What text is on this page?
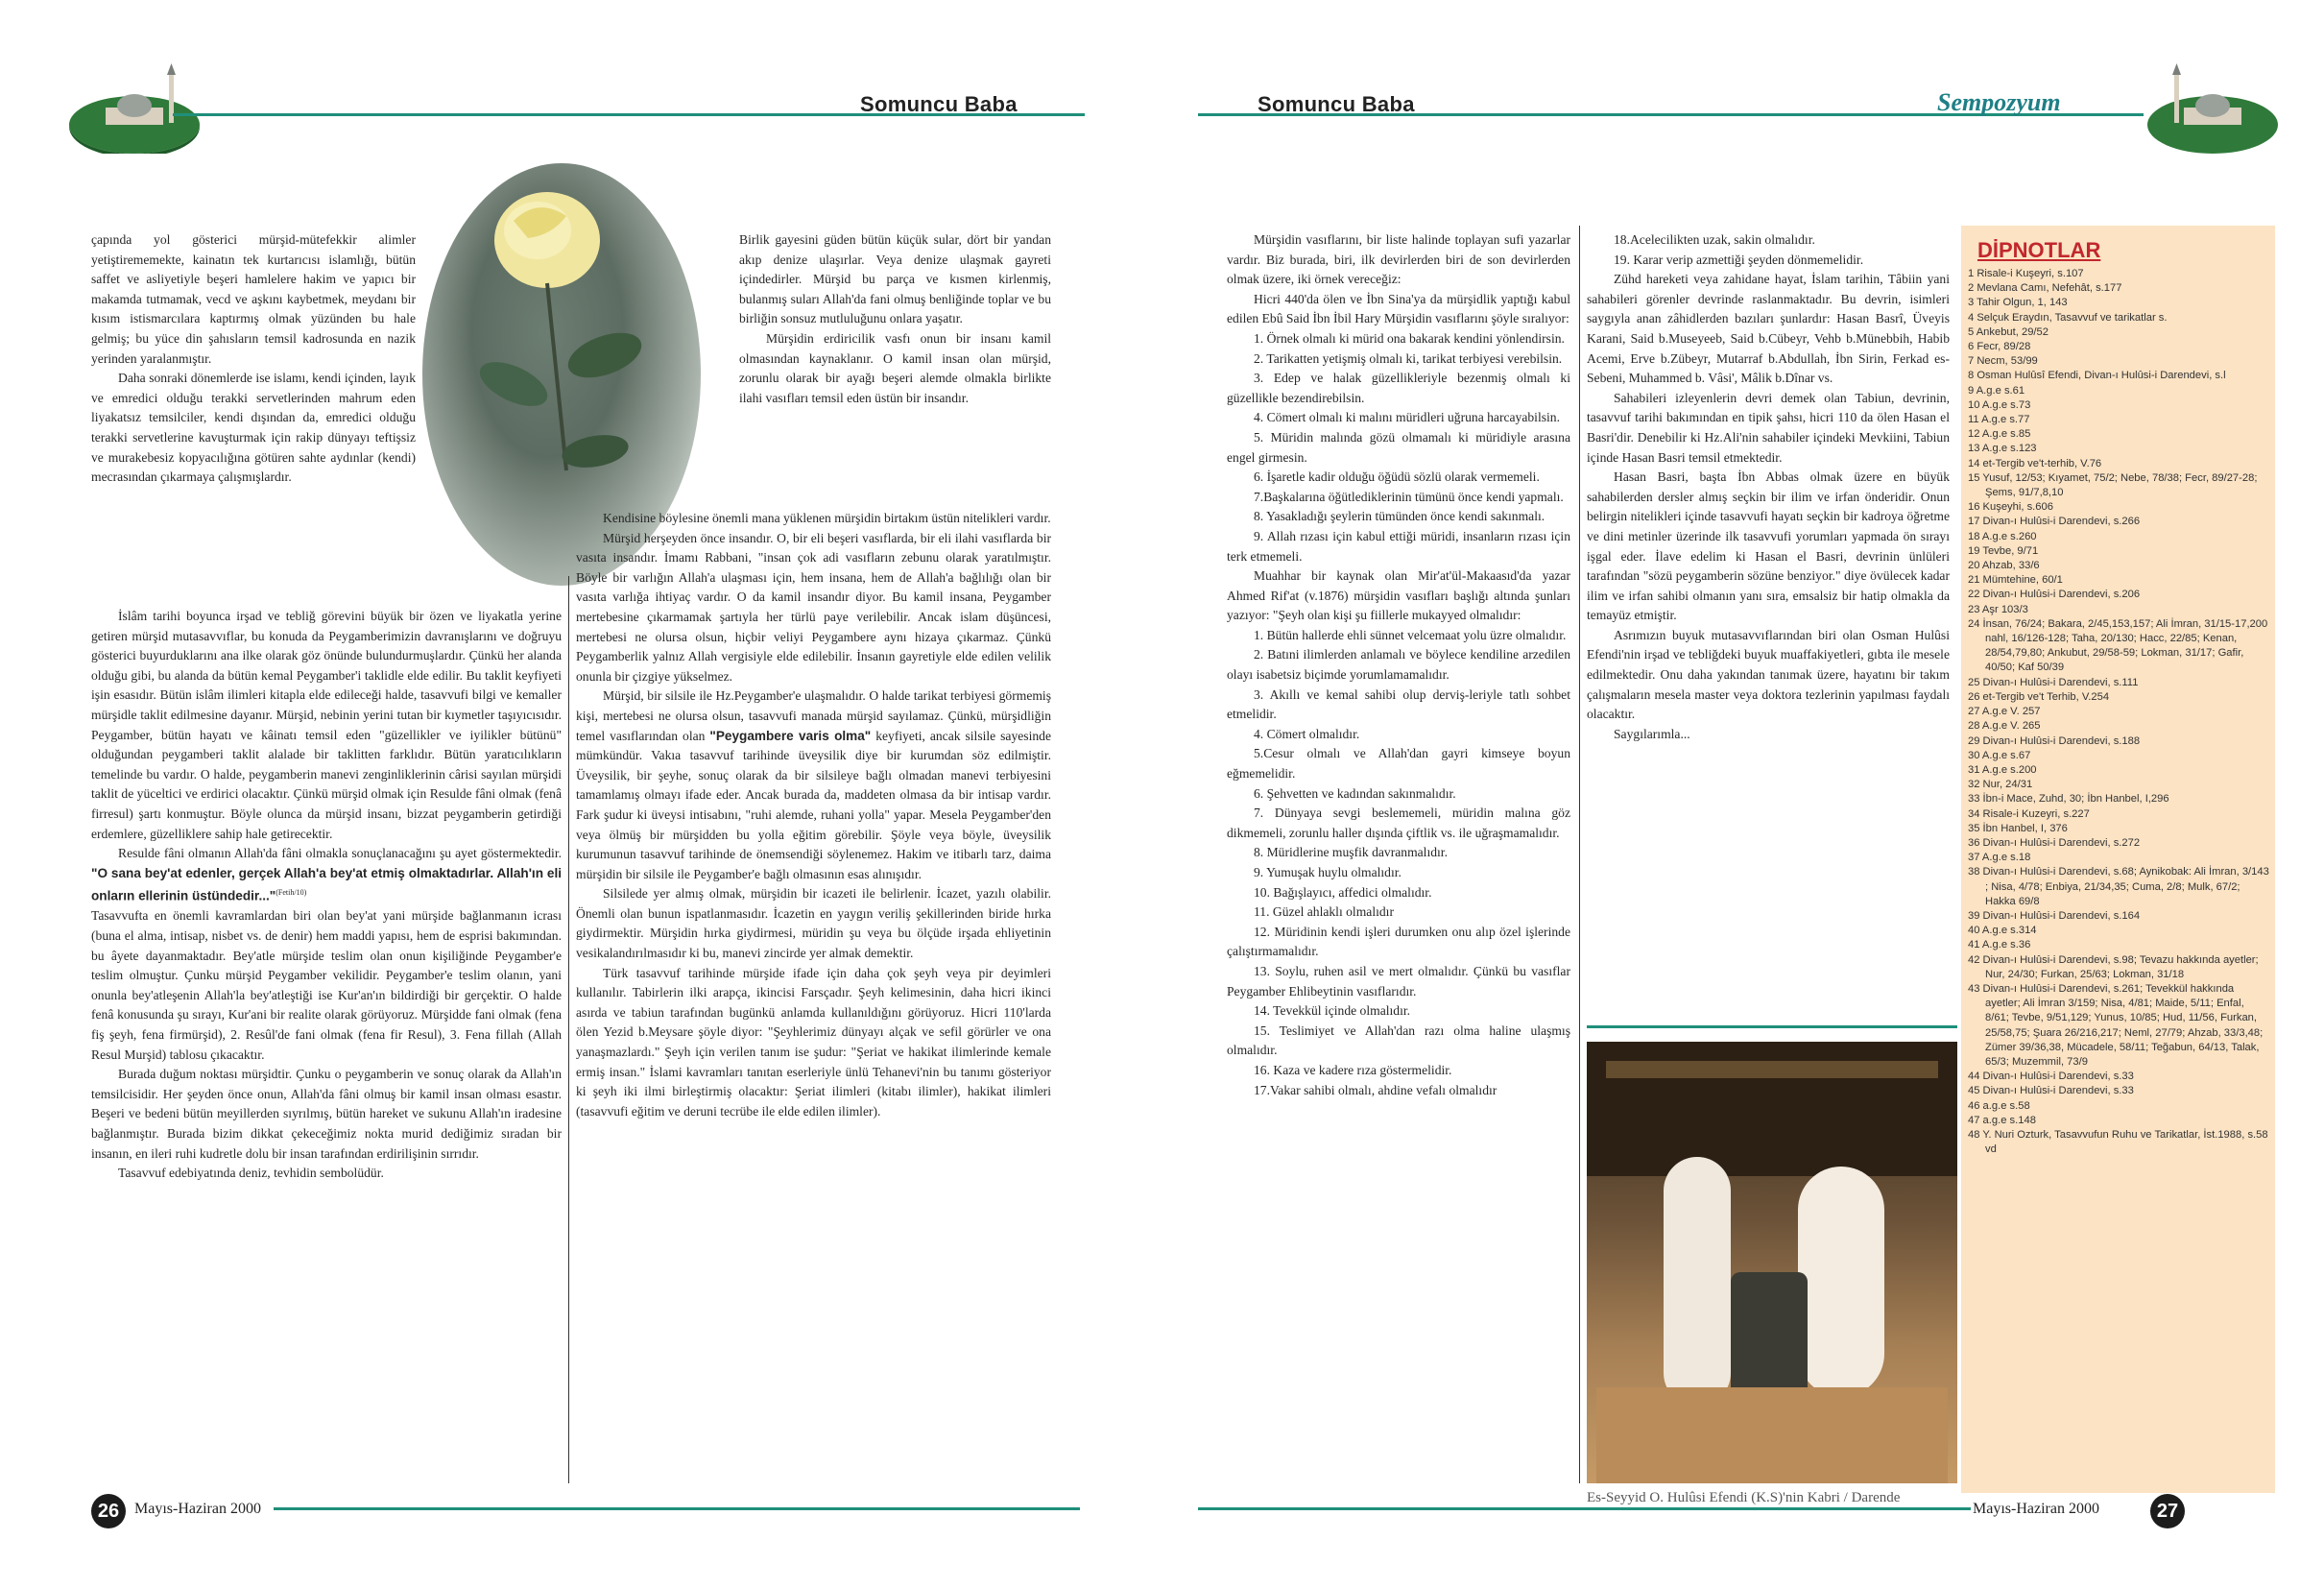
Somuncu Baba

çapında yol gösterici mürşid-mütefekkir alimler yetiştirememekte, kainatın tek kurtarıcısı islamlığı, bütün saffet ve asliyetiyle beşeri hamlelere hakim ve yapıcı bir makamda tutmamak, vecd ve aşkını kaybetmek, meydanı bir kısım istismarcılara kaptırmış olmak yüzünden bu hale gelmiş; bu yüce din şahısların temsil kadrosunda en nazik yerinden yaralanmıştır.

Daha sonraki dönemlerde ise islamı, kendi içinden, layık ve emredici olduğu terakki servetlerinden mahrum eden liyakatsız temsilciler, kendi dışından da, emredici olduğu terakki servetlerine kavuşturmak için rakip dünyayı teftişsiz ve murakebesiz kopyacılığına götüren sahte aydınlar (kendi) mecrasından çıkarmaya çalışmışlardır.

İslâm tarihi boyunca irşad ve tebliğ görevini büyük bir özen ve liyakatla yerine getiren mürşid mutasavvıflar, bu konuda da Peygamberimizin davranışlarını ve doğruyu gösterici buyurduklarını ana ilke olarak göz önünde bulundurmuşlardır. Çünkü her alanda olduğu gibi, bu alanda da bütün kemal Peygamber'i taklidle elde edilir. Bu taklit keyfiyeti işin esasıdır. Bütün islâm ilimleri kitapla elde edileceği halde, tasavvufi bilgi ve kemaller mürşidle taklit edilmesine dayanır. Mürşid, nebinin yerini tutan bir kıymetler taşıyıcısıdır. Peygamber, bütün hayatı ve kâinatı temsil eden "güzellikler ve iyilikler bütünü" olduğundan peygamberi taklit alalade bir taklitten farklıdır. Bütün yaratıcılıkların temelinde bu vardır. O halde, peygamberin manevi zenginliklerinin cârisi sayılan mürşidi taklit de yüceltici ve erdirici olacaktır. Çünkü mürşid olmak için Resulde fâni olmak (fenâ firresul) şartı konmuştur. Böyle olunca da mürşid insanı, bizzat peygamberin getirdiği erdemlere, güzelliklere sahip hale getirecektir.

Resulde fâni olmanın Allah'da fâni olmakla sonuçlanacağını şu ayet göstermektedir. "O sana bey'at edenler, gerçek Allah'a bey'at etmiş olmaktadırlar. Allah'ın eli onların ellerinin üstündedir..."$^{(Fetih/10)}$

Tasavvufta en önemli kavramlardan biri olan bey'at yani mürşide bağlanmanın icrası (buna el alma, intisap, nisbet vs. de denir) hem maddi yapısı, hem de esprisi bakımından. bu âyete dayanmaktadır. Bey'atle mürşide teslim olan onun kişiliğinde Peygamber'e teslim olmuştur. Çunku mürşid Peygamber vekilidir. Peygamber'e teslim olanın, yani onunla bey'atleşenin Allah'la bey'atleştiği ise Kur'an'ın bildirdiği bir gerçektir. O halde fenâ konusunda şu sırayı, Kur'ani bir realite olarak görüyoruz. Mürşidde fani olmak (fena fiş şeyh, fena firmürşid), 2. Resûl'de fani olmak (fena fir Resul), 3. Fena fillah (Allah Resul Murşid) tablosu çıkacaktır.

Burada duğum noktası mürşidtir. Çunku o peygamberin ve sonuç olarak da Allah'ın temsilcisidir. Her şeyden önce onun, Allah'da fâni olmuş bir kamil insan olması esastır. Beşeri ve bedeni bütün meyillerden sıyrılmış, bütün hareket ve sukunu Allah'ın iradesine bağlanmıştır. Burada bizim dikkat çekeceğimiz nokta murid dediğimiz sıradan bir insanın, en ileri ruhi kudretle dolu bir insan tarafından erdirilişinin sırrıdır.

Tasavvuf edebiyatında deniz, tevhidin sembolüdür.

Birlik gayesini güden bütün küçük sular, dört bir yandan akıp denize ulaşırlar. Veya denize ulaşmak gayreti içindedirler. Mürşid bu parça ve kısmen kirlenmiş, bulanmış suları Allah'da fani olmuş benliğinde toplar ve bu birliğin sonsuz mutluluğunu onlara yaşatır.

Mürşidin erdiricilik vasfı onun bir insanı kamil olmasından kaynaklanır. O kamil insan olan mürşid, zorunlu olarak bir ayağı beşeri alemde olmakla birlikte ilahi vasıfları temsil eden üstün bir insandır.

Kendisine böylesine önemli mana yüklenen mürşidin birtakım üstün nitelikleri vardır.

Mürşid herşeyden önce insandır. O, bir eli beşeri vasıflarda, bir eli ilahi vasıflarda bir vasıta insandır. İmamı Rabbani, "insan çok adi vasıfların zebunu olarak yaratılmıştır. Böyle bir varlığın Allah'a ulaşması için, hem insana, hem de Allah'a bağlılığı olan bir vasıta varlığa ihtiyaç vardır. O da kamil insandır diyor. Bu kamil insana, Peygamber mertebesine çıkarmamak şartıyla her türlü paye verilebilir. Ancak islam düşüncesi, mertebesi ne olursa olsun, hiçbir veliyi Peygambere aynı hizaya çıkarmaz. Çünkü Peygamberlik yalnız Allah vergisiyle elde edilebilir. İnsanın gayretiyle elde edilen velilik onunla bir çizgiye yükselmez.

Mürşid, bir silsile ile Hz.Peygamber'e ulaşmalıdır. O halde tarikat terbiyesi görmemiş kişi, mertebesi ne olursa olsun, tasavvufi manada mürşid sayılamaz. Çünkü, mürşidliğin temel vasıflarından olan "Peygambere varis olma" keyfiyeti, ancak silsile sayesinde mümkündür. Vakıa tasavvuf tarihinde üveysilik diye bir kurumdan söz edilmiştir. Üveysilik, bir şeyhe, sonuç olarak da bir silsileye bağlı olmadan manevi terbiyesini tamamlamış olmayı ifade eder. Ancak burada da, maddeten olmasa da bir intisap vardır. Fark şudur ki üveysi intisabını, "ruhi alemde, ruhani yolla" yapar. Mesela Peygamber'den veya ölmüş bir mürşidden bu yolla eğitim görebilir. Şöyle veya böyle, üveysilik kurumunun tasavvuf tarihinde de önemsendiği söylenemez. Hakim ve itibarlı tarz, daima mürşidin bir silsile ile Peygamber'e bağlı olmasının esas alınışıdır.

Silsilede yer almış olmak, mürşidin bir icazeti ile belirlenir. İcazet, yazılı olabilir. Önemli olan bunun ispatlanmasıdır. İcazetin en yaygın veriliş şekillerinden biride hırka giydirmektir. Mürşidin hırka giydirmesi, müridin şu veya bu ölçüde irşada ehliyetinin vesikalandırılmasıdır ki bu, manevi zincirde yer almak demektir.

Türk tasavvuf tarihinde mürşide ifade için daha çok şeyh veya pir deyimleri kullanılır. Tabirlerin ilki arapça, ikincisi Farsçadır. Şeyh kelimesinin, daha hicri ikinci asırda ve tabiun tarafından bugünkü anlamda kullanıldığını görüyoruz. Hicri 110'larda ölen Yezid b.Meysare şöyle diyor: "Şeyhlerimiz dünyayı alçak ve sefil görürler ve ona yanaşmazlardı." Şeyh için verilen tanım ise şudur: "Şeriat ve hakikat ilimlerinde kemale ermiş insan." İslami kavramları tanıtan eserleriyle ünlü Tehanevi'nin bu tanımı gösteriyor ki şeyh iki ilmi birleştirmiş olacaktır: Şeriat ilimleri (kitabı ilimler), hakikat ilimleri (tasavvufi eğitim ve deruni tecrübe ile elde edilen ilimler).

26 Mayıs-Haziran 2000
Somuncu Baba	Sempozyum

Mürşidin vasıflarını, bir liste halinde toplayan sufi yazarlar vardır. Biz burada, biri, ilk devirlerden biri de son devirlerden olmak üzere, iki örnek vereceğiz:

Hicri 440'da ölen ve İbn Sina'ya da mürşidlik yaptığı kabul edilen Ebû Said İbn İbil Hary Mürşidin vasıflarını şöyle sıralıyor:

1. Örnek olmalı ki mürid ona bakarak kendini yönlendirsin.

2. Tarikatten yetişmiş olmalı ki, tarikat terbiyesi verebilsin.

3. Edep ve halak güzellikleriyle bezenmiş olmalı ki güzellikle bezendirebilsin.

4. Cömert olmalı ki malını müridleri uğruna harcayabilsin.

5. Müridin malında gözü olmamalı ki müridiyle arasına engel girmesin.

6. İşaretle kadir olduğu öğüdü sözlü olarak vermemeli.

7.Başkalarına öğütlediklerinin tümünü önce kendi yapmalı.

8. Yasakladığı şeylerin tümünden önce kendi sakınmalı.

9. Allah rızası için kabul ettiği müridi, insanların rızası için terk etmemeli.

Muahhar bir kaynak olan Mir'at'ül-Makaasıd'da yazar Ahmed Rif'at (v.1876) mürşidin vasıfları başlığı altında şunları yazıyor: "Şeyh olan kişi şu fiillerle mukayyed olmalıdır:

1. Bütün hallerde ehli sünnet velcemaat yolu üzre olmalıdır.

2. Batıni ilimlerden anlamalı ve böylece kendiline arzedilen olayı isabetsiz biçimde yorumlamamalıdır.

3. Akıllı ve kemal sahibi olup derviş-leriyle tatlı sohbet etmelidir.

4. Cömert olmalıdır.

5.Cesur olmalı ve Allah'dan gayri kimseye boyun eğmemelidir.

6. Şehvetten ve kadından sakınmalıdır.

7. Dünyaya sevgi beslememeli, müridin malına göz dikmemeli, zorunlu haller dışında çiftlik vs. ile uğraşmamalıdır.

8. Müridlerine muşfik davranmalıdır.

9. Yumuşak huylu olmalıdır.

10. Bağışlayıcı, affedici olmalıdır.

11. Güzel ahlaklı olmalıdır

12. Müridinin kendi işleri durumken onu alıp özel işlerinde çalıştırmamalıdır.

13. Soylu, ruhen asil ve mert olmalıdır. Çünkü bu vasıflar Peygamber Ehlibeytinin vasıflarıdır.

14. Tevekkül içinde olmalıdır.

15. Teslimiyet ve Allah'dan razı olma haline ulaşmış olmalıdır.

16. Kaza ve kadere rıza göstermelidir.

17.Vakar sahibi olmalı, ahdine vefalı olmalıdır

18.Acelecilikten uzak, sakin olmalıdır.

19. Karar verip azmettiği şeyden dönmemelidir.

Zühd hareketi veya zahidane hayat, İslam tarihin, Tâbiin yani sahabileri görenler devrinde raslanmaktadır. Bu devrin, isimleri saygıyla anan zâhidlerden bazıları şunlardır: Hasan Basrî, Üveyis Karani, Said b.Museyeeb, Said b.Cübeyr, Vehb b.Münebbih, Habib Acemi, Erve b.Zübeyr, Mutarraf b.Abdullah, İbn Sirin, Ferkad es-Sebeni, Muhammed b. Vâsi', Mâlik b.Dînar vs.

Sahabileri izleyenlerin devri demek olan Tabiun, devrinin, tasavvuf tarihi bakımından en tipik şahsı, hicri 110 da ölen Hasan el Basri'dir. Denebilir ki Hz.Ali'nin sahabiler içindeki Mevkiini, Tabiun içinde Hasan Basri temsil etmektedir.

Hasan Basri, başta İbn Abbas olmak üzere en büyük sahabilerden dersler almış seçkin bir ilim ve irfan önderidir. Onun belirgin nitelikleri içinde tasavvufi hayatı seçkin bir kadroya öğretme ve dini metinler üzerinde ilk tasavvufi yorumları yapmada ön sırayı işgal eder. İlave edelim ki Hasan el Basri, devrinin ünlüleri tarafından "sözü peygamberin sözüne benziyor." diye övülecek kadar ilim ve irfan sahibi olmanın yanı sıra, emsalsiz bir hatip olmakla da temayüz etmiştir.

Asrımızın buyuk mutasavvıflarından biri olan Osman Hulûsi Efendi'nin irşad ve tebliğdeki buyuk muaffakiyetleri, gıbta ile mesele edilmektedir. Onu daha yakından tanımak üzere, hayatını bir takım çalışmaların mesela master veya doktora tezlerinin yapılması faydalı olacaktır.

Saygılarımla...

Es-Seyyid O. Hulûsi Efendi (K.S)'nin Kabri / Darende
DİPNOTLAR
1 Risale-i Kuşeyri, s.107
2 Mevlana Camı, Nefehât, s.177
3 Tahir Olgun, 1, 143
4 Selçuk Eraydın, Tasavvuf ve tarikatlar s.
5 Ankebut, 29/52
6 Fecr, 89/28
7 Necm, 53/99
8 Osman Hulûsî Efendi, Divan-ı Hulûsi-i Darendevi, s.l
9 A.g.e s.61
10 A.g.e s.73
11 A.g.e s.77
12 A.g.e s.85
13 A.g.e s.123
14 et-Tergib ve't-terhib, V.76
15 Yusuf, 12/53; Kıyamet, 75/2; Nebe, 78/38; Fecr, 89/27-28; Şems, 91/7,8,10
16 Kuşeyhi, s.606
17 Divan-ı Hulûsi-i Darendevi, s.266
18 A.g.e s.260
19 Tevbe, 9/71
20 Ahzab, 33/6
21 Mümtehine, 60/1
22 Divan-ı Hulûsi-i Darendevi, s.206
23 Aşr 103/3
24 İnsan, 76/24; Bakara, 2/45,153,157; Ali İmran, 31/15-17,200 nahl, 16/126-128; Taha, 20/130; Hacc, 22/85; Kenan, 28/54,79,80; Ankubut, 29/58-59; Lokman, 31/17; Gafir, 40/50; Kaf 50/39
25 Divan-ı Hulûsi-i Darendevi, s.111
26 et-Tergib ve't Terhib, V.254
27 A.g.e V. 257
28 A.g.e V. 265
29 Divan-ı Hulûsi-i Darendevi, s.188
30 A.g.e s.67
31 A.g.e s.200
32 Nur, 24/31
33 İbn-i Mace, Zuhd, 30; İbn Hanbel, I,296
34 Risale-i Kuzeyri, s.227
35 İbn Hanbel, I, 376
36 Divan-ı Hulûsi-i Darendevi, s.272
37 A.g.e s.18
38 Divan-ı Hulûsi-i Darendevi, s.68; Aynikobak: Ali İmran, 3/143 ; Nisa, 4/78; Enbiya, 21/34,35; Cuma, 2/8; Mulk, 67/2; Hakka 69/8
39 Divan-ı Hulûsi-i Darendevi, s.164
40 A.g.e s.314
41 A.g.e s.36
42 Divan-ı Hulûsi-i Darendevi, s.98; Tevazu hakkında ayetler; Nur, 24/30; Furkan, 25/63; Lokman, 31/18
43 Divan-ı Hulûsi-i Darendevi, s.261; Tevekkül hakkında ayetler; Ali İmran 3/159; Nisa, 4/81; Maide, 5/11; Enfal, 8/61; Tevbe, 9/51,129; Yunus, 10/85; Hud, 11/56, Furkan, 25/58,75; Şuara 26/216,217; Neml, 27/79; Ahzab, 33/3,48; Zümer 39/36,38, Mücadele, 58/11; Teğabun, 64/13, Talak, 65/3; Muzemmil, 73/9
44 Divan-ı Hulûsi-i Darendevi, s.33
45 Divan-ı Hulûsi-i Darendevi, s.33
46 a.g.e s.58
47 a.g.e s.148
48 Y. Nuri Ozturk, Tasavvufun Ruhu ve Tarikatlar, İst.1988, s.58 vd
Mayıs-Haziran 2000	27
